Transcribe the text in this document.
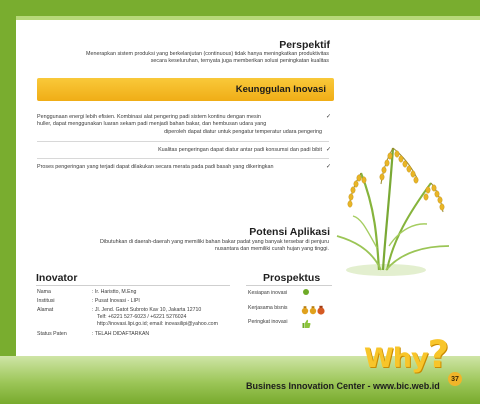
Perspektif
Menerapkan sistem produksi yang berkelanjutan (continuous) tidak hanya meningkatkan produktivitas
secara keseluruhan, ternyata juga memberikan solusi peningkatan kualitas
Keunggulan Inovasi
Penggunaan energi lebih efisien. Kombinasi alat pengering padi sistem kontinu dengan mesin
huller, dapat menggunakan luaran sekam padi menjadi bahan bakar, dan hembusan udara yang
diperoleh dapat diatur untuk pengatur temperatur udara pengering
✓
Kualitas pengeringan dapat diatur antar padi konsumsi dan padi bibit ✓
Proses pengeringan yang terjadi dapat dilakukan secara merata pada padi basah yang dikeringkan	✓
Potensi Aplikasi
Dibutuhkan di daerah-daerah yang memiliki bahan bakar padat yang banyak tersebar di penjuru
nusantara dan memiliki curah hujan yang tinggi.
Inovator
Nama	: Ir. Haristto, M.Eng
Institusi	: Pusat Inovasi - LIPI
Alamat	: Jl. Jend. Gatot Subroto Kav 10, Jakarta 12710
Telf: +6221 527-6023 / +6221 5276024
http://inovasi.lipi.go.id; email: inovasilipi@yahoo.com
Status Paten	: TELAH DIDAFTARKAN
Prospektus
Kesiapan inovasi
Kerjasama bisnis
Peringkat inovasi
Why?
Business Innovation Center - www.bic.web.id
37
